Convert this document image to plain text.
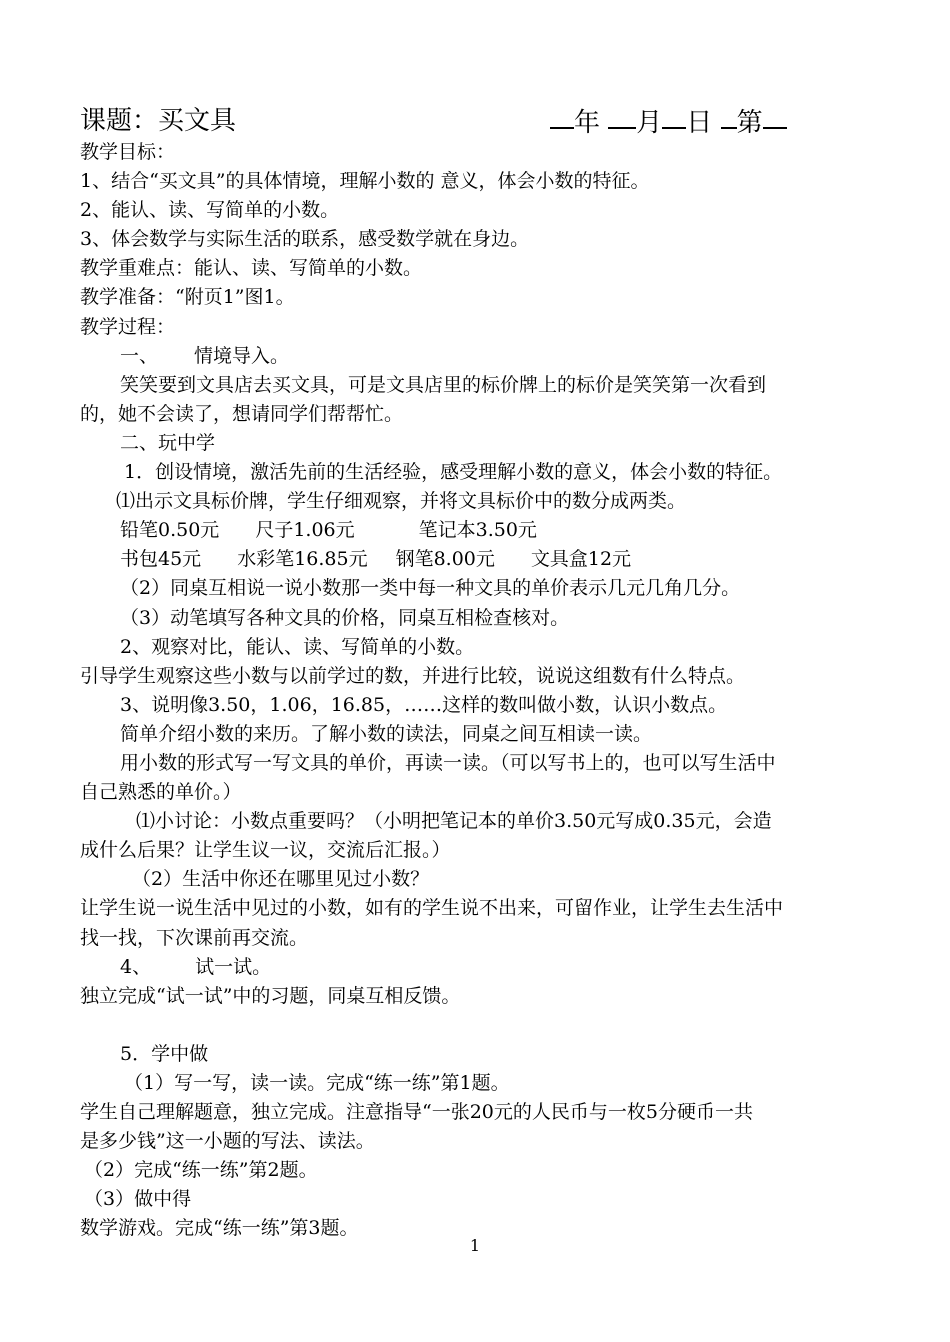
课题：买文具	年 月 日 第
教学目标：
1、结合“买文具”的具体情境，理解小数的 意义，体会小数的特征。
2、能认、读、写简单的小数。
3、体会数学与实际生活的联系，感受数学就在身边。
教学重难点：能认、读、写简单的小数。
教学准备：“附页1”图1。
教学过程：
一、 情境导入。
笑笑要到文具店去买文具，可是文具店里的标价牌上的标价是笑笑第一次看到
的，她不会读了，想请同学们帮帮忙。
二、玩中学
1．创设情境，激活先前的生活经验，感受理解小数的意义，体会小数的特征。
⑴出示文具标价牌，学生仔细观察，并将文具标价中的数分成两类。
铅笔0.50元 尺子1.06元	笔记本3.50元
书包45元 水彩笔16.85元 钢笔8.00元 文具盒12元
（2）同桌互相说一说小数那一类中每一种文具的单价表示几元几角几分。
（3）动笔填写各种文具的价格，同桌互相检查核对。
2、观察对比，能认、读、写简单的小数。
引导学生观察这些小数与以前学过的数，并进行比较，说说这组数有什么特点。
3、说明像3.50，1.06，16.85，……这样的数叫做小数，认识小数点。
简单介绍小数的来历。了解小数的读法，同桌之间互相读一读。
用小数的形式写一写文具的单价，再读一读。（可以写书上的，也可以写生活中
自己熟悉的单价。）
⑴小讨论：小数点重要吗？（小明把笔记本的单价3.50元写成0.35元，会造
成什么后果？让学生议一议，交流后汇报。）
（2）生活中你还在哪里见过小数？
让学生说一说生活中见过的小数，如有的学生说不出来，可留作业，让学生去生活中
找一找，下次课前再交流。
4、 试一试。
独立完成“试一试”中的习题，同桌互相反馈。
5．学中做
（1）写一写，读一读。完成“练一练”第1题。
学生自己理解题意，独立完成。注意指导“一张20元的人民币与一枚5分硬币一共
是多少钱”这一小题的写法、读法。
（2）完成“练一练”第2题。
（3）做中得
数学游戏。完成“练一练”第3题。
1
